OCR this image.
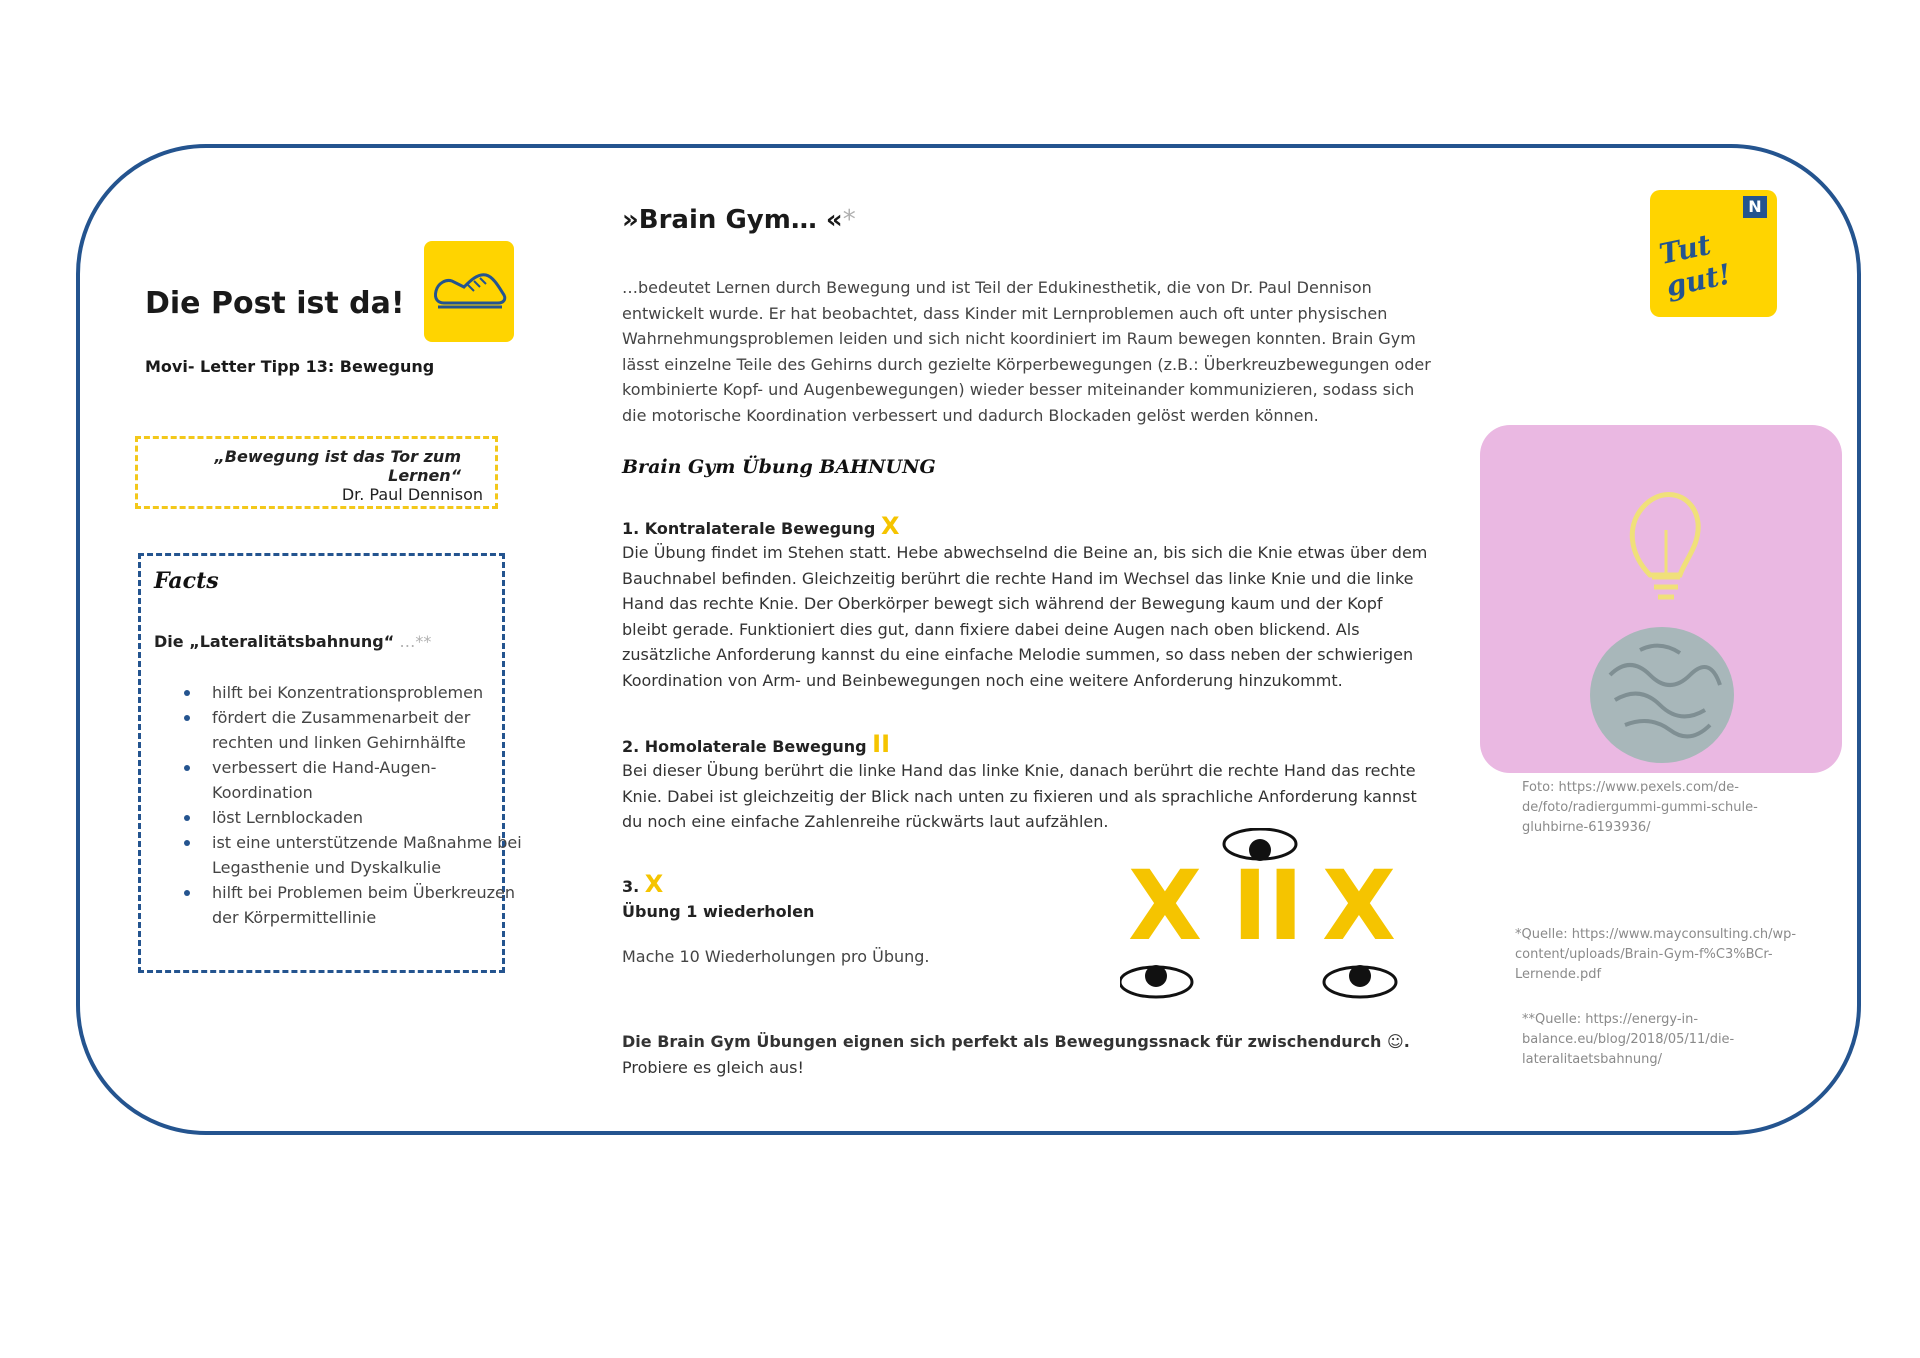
Die Post ist da!
Movi- Letter Tipp 13: Bewegung
„Bewegung ist das Tor zum Lernen“
Dr. Paul Dennison
Facts
Die „Lateralitätsbahnung“ …**
hilft bei Konzentrationsproblemen
fördert die Zusammenarbeit der rechten und linken Gehirnhälfte
verbessert die Hand-Augen-Koordination
löst Lernblockaden
ist eine unterstützende Maßnahme bei Legasthenie und Dyskalkulie
hilft bei Problemen beim Überkreuzen der Körpermittellinie
»Brain Gym… «*
…bedeutet Lernen durch Bewegung und ist Teil der Edukinesthetik, die von Dr. Paul Dennison entwickelt wurde. Er hat beobachtet, dass Kinder mit Lernproblemen auch oft unter physischen Wahrnehmungsproblemen leiden und sich nicht koordiniert im Raum bewegen konnten. Brain Gym lässt einzelne Teile des Gehirns durch gezielte Körperbewegungen (z.B.: Überkreuzbewegungen oder kombinierte Kopf- und Augenbewegungen) wieder besser miteinander kommunizieren, sodass sich die motorische Koordination verbessert und dadurch Blockaden gelöst werden können.
Brain Gym Übung BAHNUNG
1. Kontralaterale Bewegung X
Die Übung findet im Stehen statt. Hebe abwechselnd die Beine an, bis sich die Knie etwas über dem Bauchnabel befinden. Gleichzeitig berührt die rechte Hand im Wechsel das linke Knie und die linke Hand das rechte Knie. Der Oberkörper bewegt sich während der Bewegung kaum und der Kopf bleibt gerade. Funktioniert dies gut, dann fixiere dabei deine Augen nach oben blickend. Als zusätzliche Anforderung kannst du eine einfache Melodie summen, so dass neben der schwierigen Koordination von Arm- und Beinbewegungen noch eine weitere Anforderung hinzukommt.
2. Homolaterale Bewegung II
Bei dieser Übung berührt die linke Hand das linke Knie, danach berührt die rechte Hand das rechte Knie. Dabei ist gleichzeitig der Blick nach unten zu fixieren und als sprachliche Anforderung kannst du noch eine einfache Zahlenreihe rückwärts laut aufzählen.
3. X
Übung 1 wiederholen
Mache 10 Wiederholungen pro Übung. X II X
Die Brain Gym Übungen eignen sich perfekt als Bewegungssnack für zwischendurch ☺.
Probiere es gleich aus!
N
Tut gut!
Foto: https://www.pexels.com/de-de/foto/radiergummi-gummi-schule-gluhbirne-6193936/
*Quelle: https://www.mayconsulting.ch/wp-content/uploads/Brain-Gym-f%C3%BCr-Lernende.pdf
**Quelle: https://energy-in-balance.eu/blog/2018/05/11/die-lateralitaetsbahnung/
